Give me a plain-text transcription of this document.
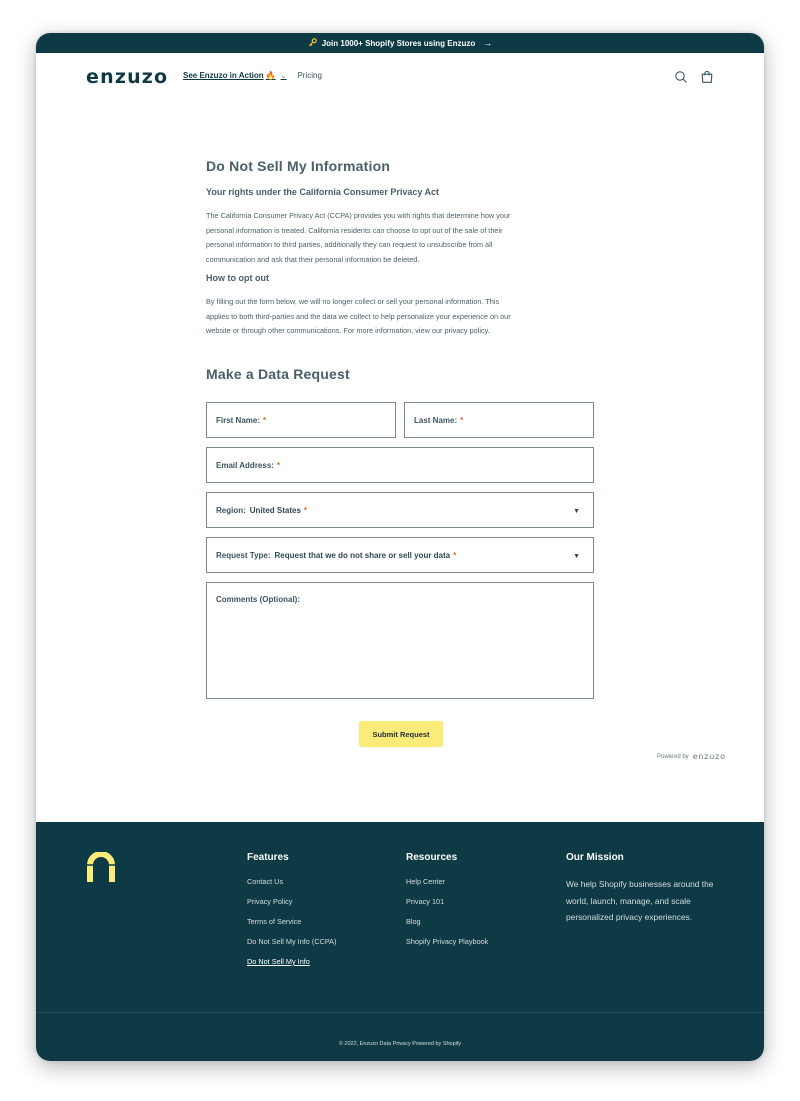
Join 1000+ Shopify Stores using Enzuzo →
enzuzo See Enzuzo in Action 🔥 ⌄ Pricing
Do Not Sell My Information
Your rights under the California Consumer Privacy Act
The California Consumer Privacy Act (CCPA) provides you with rights that determine how your
personal information is treated. California residents can choose to opt out of the sale of their
personal information to third parties, additionally they can request to unsubscribe from all
communication and ask that their personal information be deleted.
How to opt out
By filling out the form below, we will no longer collect or sell your personal information. This
applies to both third-parties and the data we collect to help personalize your experience on our
website or through other communications. For more information, view our privacy policy.
Make a Data Request
First Name: *	Last Name: *
Email Address: *
Region: United States *	▼
Request Type: Request that we do not share or sell your data *	▼
Comments (Optional):
Submit Request
Powered by enzuzo
Features
Contact Us
Privacy Policy
Terms of Service
Do Not Sell My Info (CCPA)
Do Not Sell My Info
Resources
Help Center
Privacy 101
Blog
Shopify Privacy Playbook
Our Mission
We help Shopify businesses around the world, launch, manage, and scale personalized privacy experiences.
© 2022, Enzuzo Data Privacy Powered by Shopify
